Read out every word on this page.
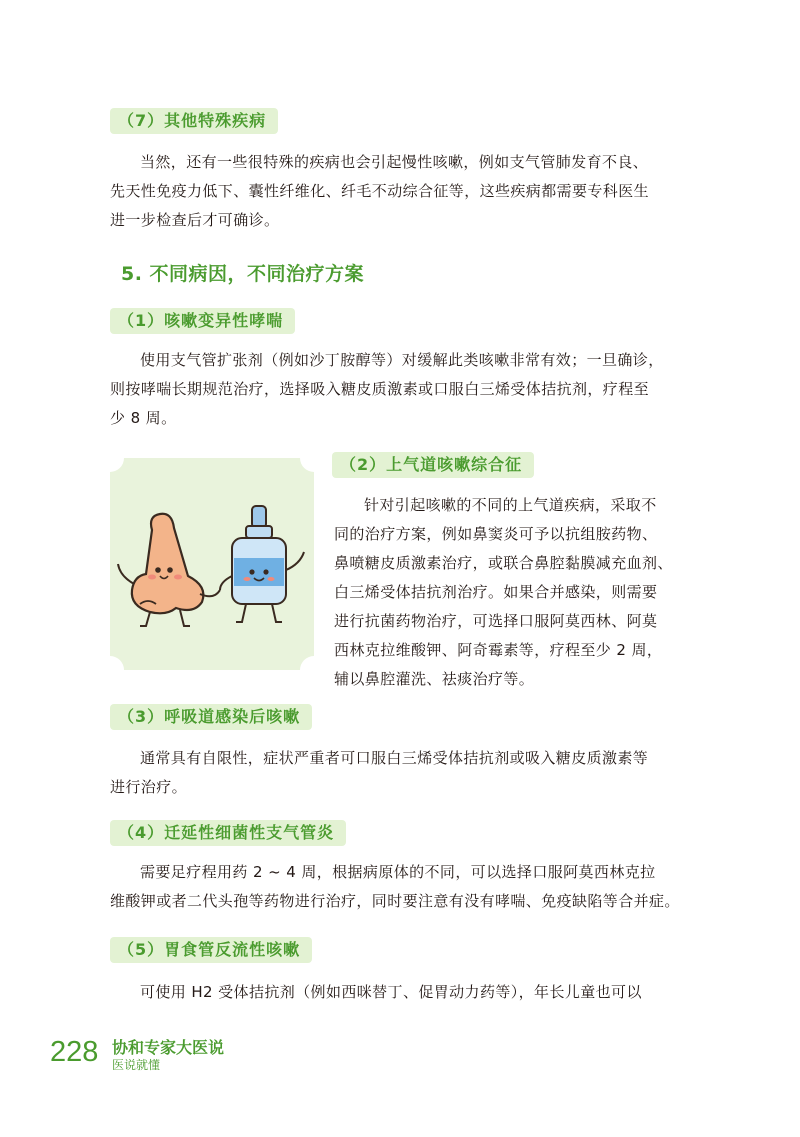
（7）其他特殊疾病
当然，还有一些很特殊的疾病也会引起慢性咳嗽，例如支气管肺发育不良、
先天性免疫力低下、囊性纤维化、纤毛不动综合征等，这些疾病都需要专科医生
进一步检查后才可确诊。
5. 不同病因，不同治疗方案
（1）咳嗽变异性哮喘
使用支气管扩张剂（例如沙丁胺醇等）对缓解此类咳嗽非常有效；一旦确诊，
则按哮喘长期规范治疗，选择吸入糖皮质激素或口服白三烯受体拮抗剂，疗程至
少 8 周。
（2）上气道咳嗽综合征
针对引起咳嗽的不同的上气道疾病，采取不
同的治疗方案，例如鼻窦炎可予以抗组胺药物、
鼻喷糖皮质激素治疗，或联合鼻腔黏膜减充血剂、
白三烯受体拮抗剂治疗。如果合并感染，则需要
进行抗菌药物治疗，可选择口服阿莫西林、阿莫
西林克拉维酸钾、阿奇霉素等，疗程至少 2 周，
辅以鼻腔灌洗、祛痰治疗等。
（3）呼吸道感染后咳嗽
通常具有自限性，症状严重者可口服白三烯受体拮抗剂或吸入糖皮质激素等
进行治疗。
（4）迁延性细菌性支气管炎
需要足疗程用药 2 ~ 4 周，根据病原体的不同，可以选择口服阿莫西林克拉
维酸钾或者二代头孢等药物进行治疗，同时要注意有没有哮喘、免疫缺陷等合并症。
（5）胃食管反流性咳嗽
可使用 H2 受体拮抗剂（例如西咪替丁、促胃动力药等），年长儿童也可以
228 协和专家大医说
医说就懂
